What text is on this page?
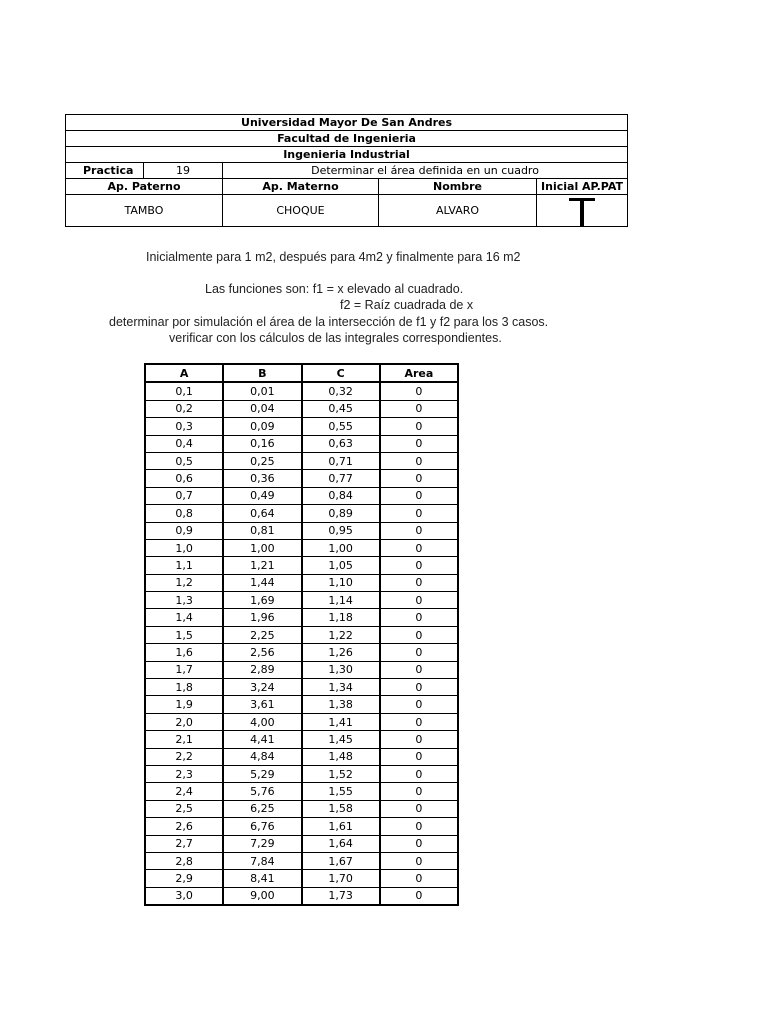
Universidad Mayor De San Andres				
Facultad de Ingenieria				
Ingenieria Industrial				
Practica	19	Determinar el área definida en un cuadro		
Ap. Paterno		Ap. Materno	Nombre	Inicial AP.PAT
TAMBO		CHOQUE	ALVARO	
Inicialmente para 1 m2, después para 4m2 y finalmente para 16 m2
Las funciones son: f1 = x elevado al cuadrado.
f2 = Raíz cuadrada de x
determinar por simulación el área de la intersección de f1 y f2 para los 3 casos.
verificar con los cálculos de las integrales correspondientes.
A	B	C	Area
0,1	0,01	0,32	0
0,2	0,04	0,45	0
0,3	0,09	0,55	0
0,4	0,16	0,63	0
0,5	0,25	0,71	0
0,6	0,36	0,77	0
0,7	0,49	0,84	0
0,8	0,64	0,89	0
0,9	0,81	0,95	0
1,0	1,00	1,00	0
1,1	1,21	1,05	0
1,2	1,44	1,10	0
1,3	1,69	1,14	0
1,4	1,96	1,18	0
1,5	2,25	1,22	0
1,6	2,56	1,26	0
1,7	2,89	1,30	0
1,8	3,24	1,34	0
1,9	3,61	1,38	0
2,0	4,00	1,41	0
2,1	4,41	1,45	0
2,2	4,84	1,48	0
2,3	5,29	1,52	0
2,4	5,76	1,55	0
2,5	6,25	1,58	0
2,6	6,76	1,61	0
2,7	7,29	1,64	0
2,8	7,84	1,67	0
2,9	8,41	1,70	0
3,0	9,00	1,73	0
